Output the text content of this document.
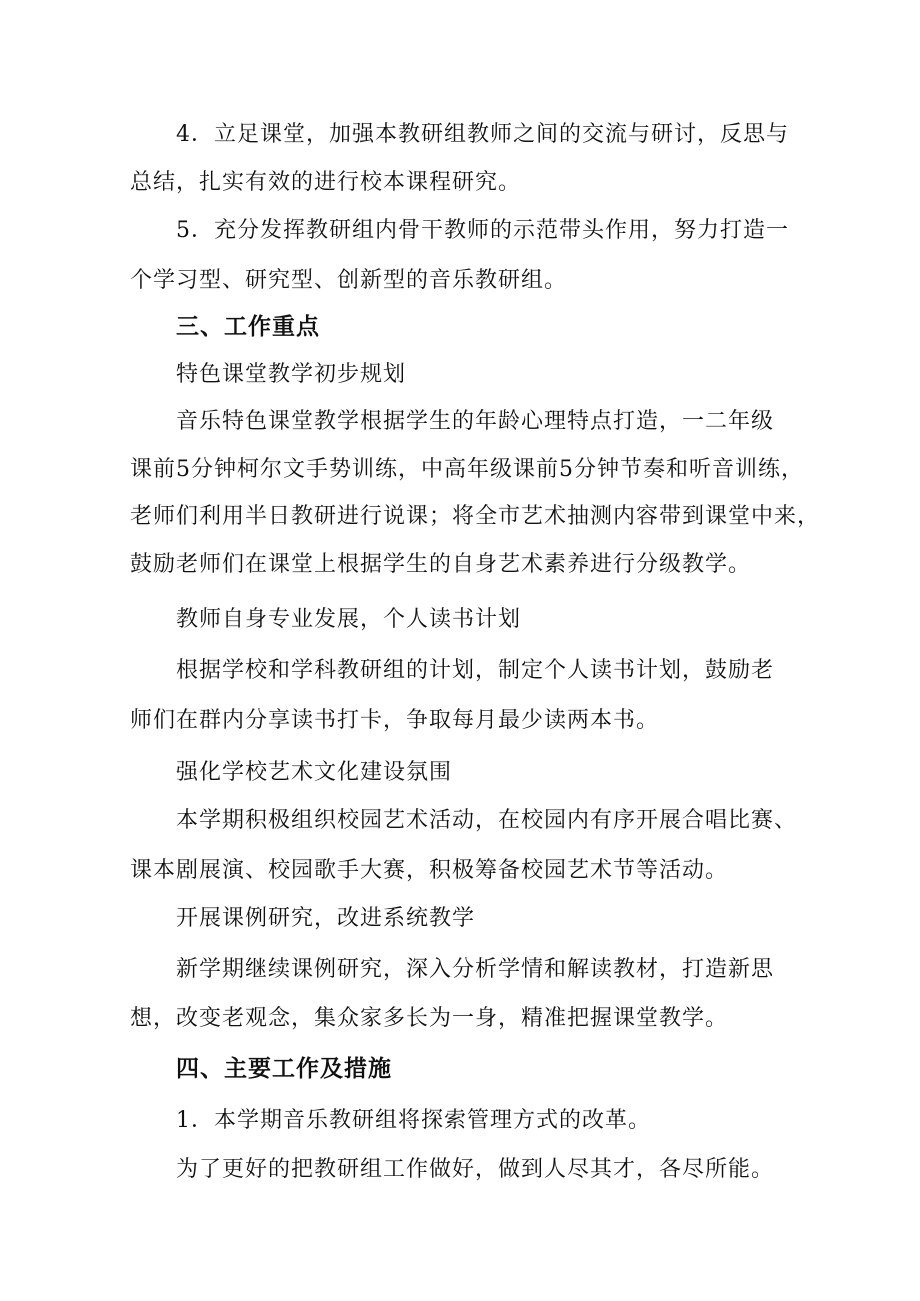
4．立足课堂，加强本教研组教师之间的交流与研讨，反思与
总结，扎实有效的进行校本课程研究。
5．充分发挥教研组内骨干教师的示范带头作用，努力打造一
个学习型、研究型、创新型的音乐教研组。
三、工作重点
特色课堂教学初步规划
音乐特色课堂教学根据学生的年龄心理特点打造，一二年级
课前5分钟柯尔文手势训练，中高年级课前5分钟节奏和听音训练，
老师们利用半日教研进行说课；将全市艺术抽测内容带到课堂中来，
鼓励老师们在课堂上根据学生的自身艺术素养进行分级教学。
教师自身专业发展，个人读书计划
根据学校和学科教研组的计划，制定个人读书计划，鼓励老
师们在群内分享读书打卡，争取每月最少读两本书。
强化学校艺术文化建设氛围
本学期积极组织校园艺术活动，在校园内有序开展合唱比赛、
课本剧展演、校园歌手大赛，积极筹备校园艺术节等活动。
开展课例研究，改进系统教学
新学期继续课例研究，深入分析学情和解读教材，打造新思
想，改变老观念，集众家多长为一身，精准把握课堂教学。
四、主要工作及措施
1．本学期音乐教研组将探索管理方式的改革。
为了更好的把教研组工作做好，做到人尽其才，各尽所能。
